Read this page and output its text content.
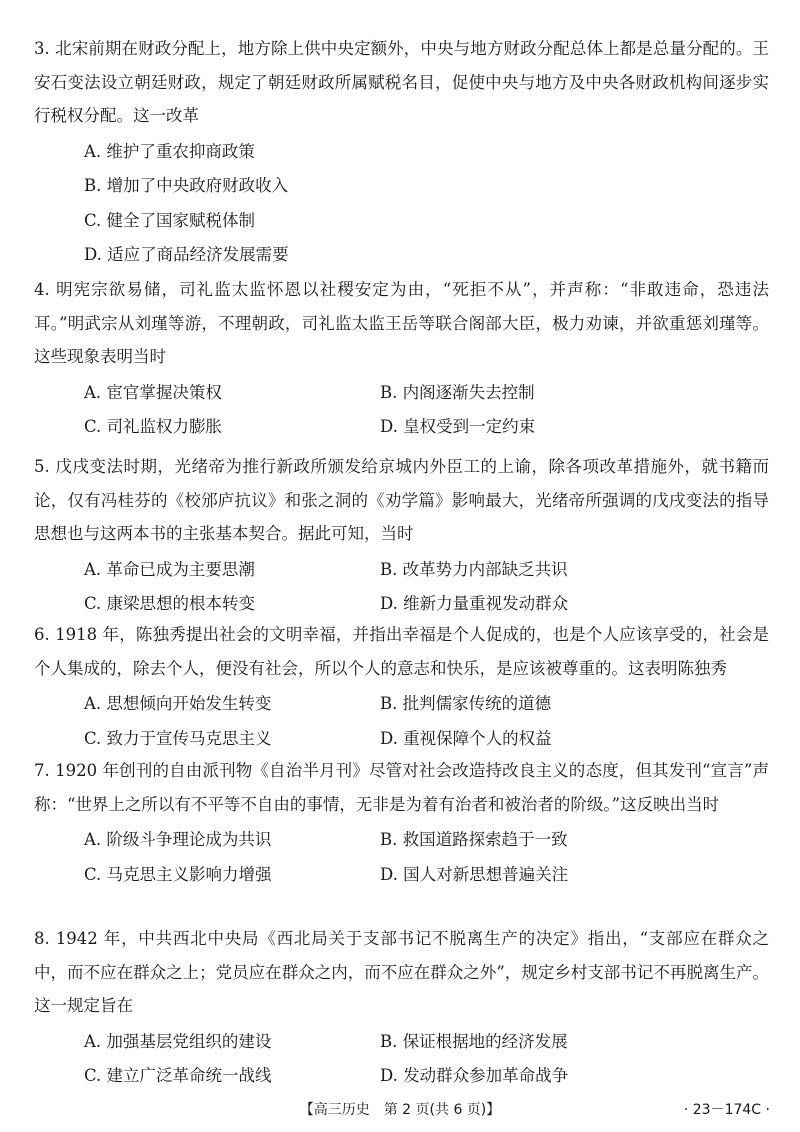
3. 北宋前期在财政分配上，地方除上供中央定额外，中央与地方财政分配总体上都是总量分配的。王安石变法设立朝廷财政，规定了朝廷财政所属赋税名目，促使中央与地方及中央各财政机构间逐步实行税权分配。这一改革

A. 维护了重农抑商政策
B. 增加了中央政府财政收入
C. 健全了国家赋税体制
D. 适应了商品经济发展需要

4. 明宪宗欲易储，司礼监太监怀恩以社稷安定为由，“死拒不从”，并声称：“非敢违命，恐违法耳。”明武宗从刘瑾等游，不理朝政，司礼监太监王岳等联合阁部大臣，极力劝谏，并欲重惩刘瑾等。这些现象表明当时

A. 宦官掌握决策权	B. 内阁逐渐失去控制
C. 司礼监权力膨胀	D. 皇权受到一定约束

5. 戊戌变法时期，光绪帝为推行新政所颁发给京城内外臣工的上谕，除各项改革措施外，就书籍而论，仅有冯桂芬的《校邠庐抗议》和张之洞的《劝学篇》影响最大，光绪帝所强调的戊戌变法的指导思想也与这两本书的主张基本契合。据此可知，当时

A. 革命已成为主要思潮	B. 改革势力内部缺乏共识
C. 康梁思想的根本转变	D. 维新力量重视发动群众

6. 1918 年，陈独秀提出社会的文明幸福，并指出幸福是个人促成的，也是个人应该享受的，社会是个人集成的，除去个人，便没有社会，所以个人的意志和快乐，是应该被尊重的。这表明陈独秀

A. 思想倾向开始发生转变	B. 批判儒家传统的道德
C. 致力于宣传马克思主义	D. 重视保障个人的权益

7. 1920 年创刊的自由派刊物《自治半月刊》尽管对社会改造持改良主义的态度，但其发刊“宣言”声称：“世界上之所以有不平等不自由的事情，无非是为着有治者和被治者的阶级。”这反映出当时

A. 阶级斗争理论成为共识	B. 救国道路探索趋于一致
C. 马克思主义影响力增强	D. 国人对新思想普遍关注

8. 1942 年，中共西北中央局《西北局关于支部书记不脱离生产的决定》指出，“支部应在群众之中，而不应在群众之上；党员应在群众之内，而不应在群众之外”，规定乡村支部书记不再脱离生产。这一规定旨在

A. 加强基层党组织的建设	B. 保证根据地的经济发展
C. 建立广泛革命统一战线	D. 发动群众参加革命战争
【高三历史　第 2 页(共 6 页)】	· 23－174C ·
